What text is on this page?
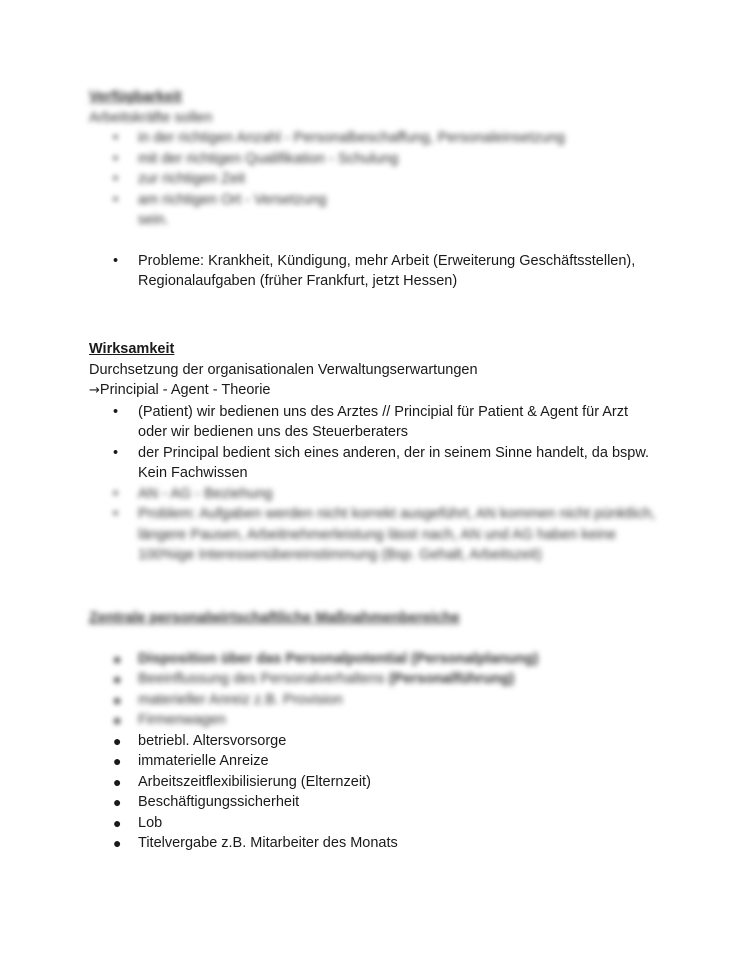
Verfügbarkeit
Arbeitskräfte sollen
• in der richtigen Anzahl - Personalbeschaffung, Personaleinsetzung
• mit der richtigen Qualifikation - Schulung
• zur richtigen Zeit
• am richtigen Ort - Versetzung
sein.
• Probleme: Krankheit, Kündigung, mehr Arbeit (Erweiterung Geschäftsstellen),
Regionalaufgaben (früher Frankfurt, jetzt Hessen)
Wirksamkeit
Durchsetzung der organisationalen Verwaltungserwartungen
→Principial - Agent - Theorie
• (Patient) wir bedienen uns des Arztes // Principial für Patient & Agent für Arzt
oder wir bedienen uns des Steuerberaters
• der Principal bedient sich eines anderen, der in seinem Sinne handelt, da bspw.
Kein Fachwissen
• AN - AG - Beziehung
• Problem: Aufgaben werden nicht korrekt ausgeführt, AN kommen nicht pünktlich,
längere Pausen, Arbeitnehmerleistung lässt nach, AN und AG haben keine
100%ige Interessenübereinstimmung (Bsp. Gehalt, Arbeitszeit)
Zentrale personalwirtschaftliche Maßnahmenbereiche
● Disposition über das Personalpotential (Personalplanung)
● Beeinflussung des Personalverhaltens (Personalführung)
● materieller Anreiz z.B. Provision
● Firmenwagen
● betriebl. Altersvorsorge
● immaterielle Anreize
● Arbeitszeitflexibilisierung (Elternzeit)
● Beschäftigungssicherheit
● Lob
● Titelvergabe z.B. Mitarbeiter des Monats
